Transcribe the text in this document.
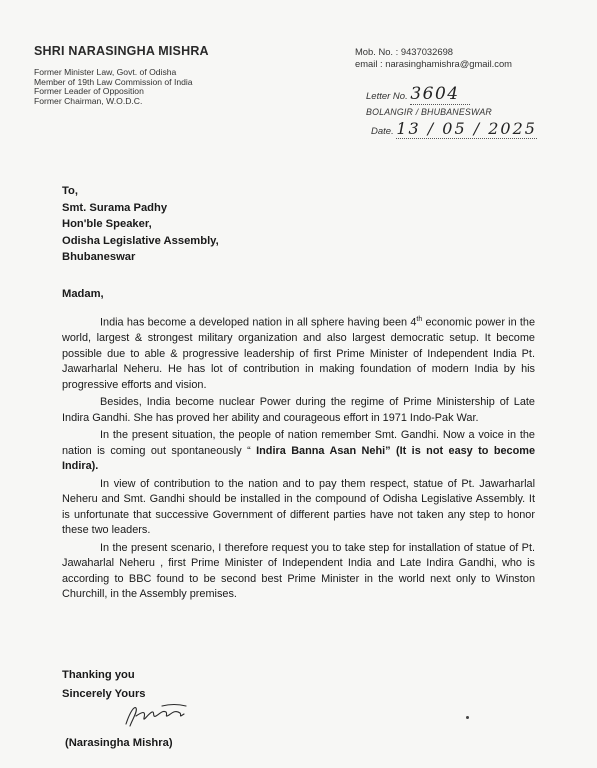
SHRI NARASINGHA MISHRA
Former Minister Law, Govt. of Odisha
Member of 19th Law Commission of India
Former Leader of Opposition
Former Chairman, W.O.D.C.
Mob. No. : 9437032698
email : narasinghamishra@gmail.com
Letter No. 3604
BOLANGIR / BHUBANESWAR
Date. 13 / 05 / 2025
To,
Smt. Surama Padhy
Hon'ble Speaker,
Odisha Legislative Assembly,
Bhubaneswar
Madam,

India has become a developed nation in all sphere having been 4th economic power in the world, largest & strongest military organization and also largest democratic setup. It become possible due to able & progressive leadership of first Prime Minister of Independent India Pt. Jawarharlal Neheru. He has lot of contribution in making foundation of modern India by his progressive efforts and vision.

Besides, India become nuclear Power during the regime of Prime Ministership of Late Indira Gandhi. She has proved her ability and courageous effort in 1971 Indo-Pak War.

In the present situation, the people of nation remember Smt. Gandhi. Now a voice in the nation is coming out spontaneously “ Indira Banna Asan Nehi” (It is not easy to become Indira).

In view of contribution to the nation and to pay them respect, statue of Pt. Jawarharlal Neheru and Smt. Gandhi should be installed in the compound of Odisha Legislative Assembly. It is unfortunate that successive Government of different parties have not taken any step to honor these two leaders.

In the present scenario, I therefore request you to take step for installation of statue of Pt. Jawaharlal Neheru , first Prime Minister of Independent India and Late Indira Gandhi, who is according to BBC found to be second best Prime Minister in the world next only to Winston Churchill, in the Assembly premises.

Thanking you
Sincerely Yours
(Narasingha Mishra)
